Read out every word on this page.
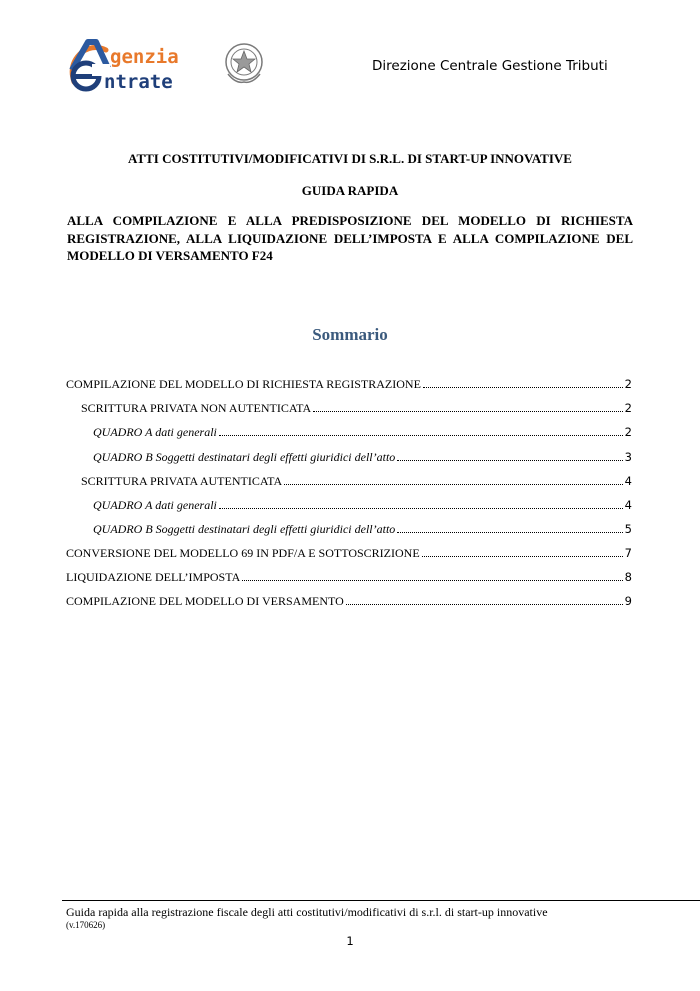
genzia
ntrate
Direzione Centrale Gestione Tributi
ATTI COSTITUTIVI/MODIFICATIVI DI S.R.L. DI START-UP INNOVATIVE
GUIDA RAPIDA
ALLA COMPILAZIONE E ALLA PREDISPOSIZIONE DEL MODELLO DI RICHIESTA REGISTRAZIONE, ALLA LIQUIDAZIONE DELL’IMPOSTA E ALLA COMPILAZIONE DEL MODELLO DI VERSAMENTO F24
Sommario
COMPILAZIONE DEL MODELLO DI RICHIESTA REGISTRAZIONE	2
SCRITTURA PRIVATA NON AUTENTICATA	2
QUADRO A dati generali	2
QUADRO B Soggetti destinatari degli effetti giuridici dell’atto	3
SCRITTURA PRIVATA AUTENTICATA	4
QUADRO A dati generali	4
QUADRO B Soggetti destinatari degli effetti giuridici dell’atto	5
CONVERSIONE DEL MODELLO 69 IN PDF/A E SOTTOSCRIZIONE	7
LIQUIDAZIONE DELL’IMPOSTA	8
COMPILAZIONE DEL MODELLO DI VERSAMENTO	9
Guida rapida alla registrazione fiscale degli atti costitutivi/modificativi di s.r.l. di start-up innovative
(v.170626)
1
